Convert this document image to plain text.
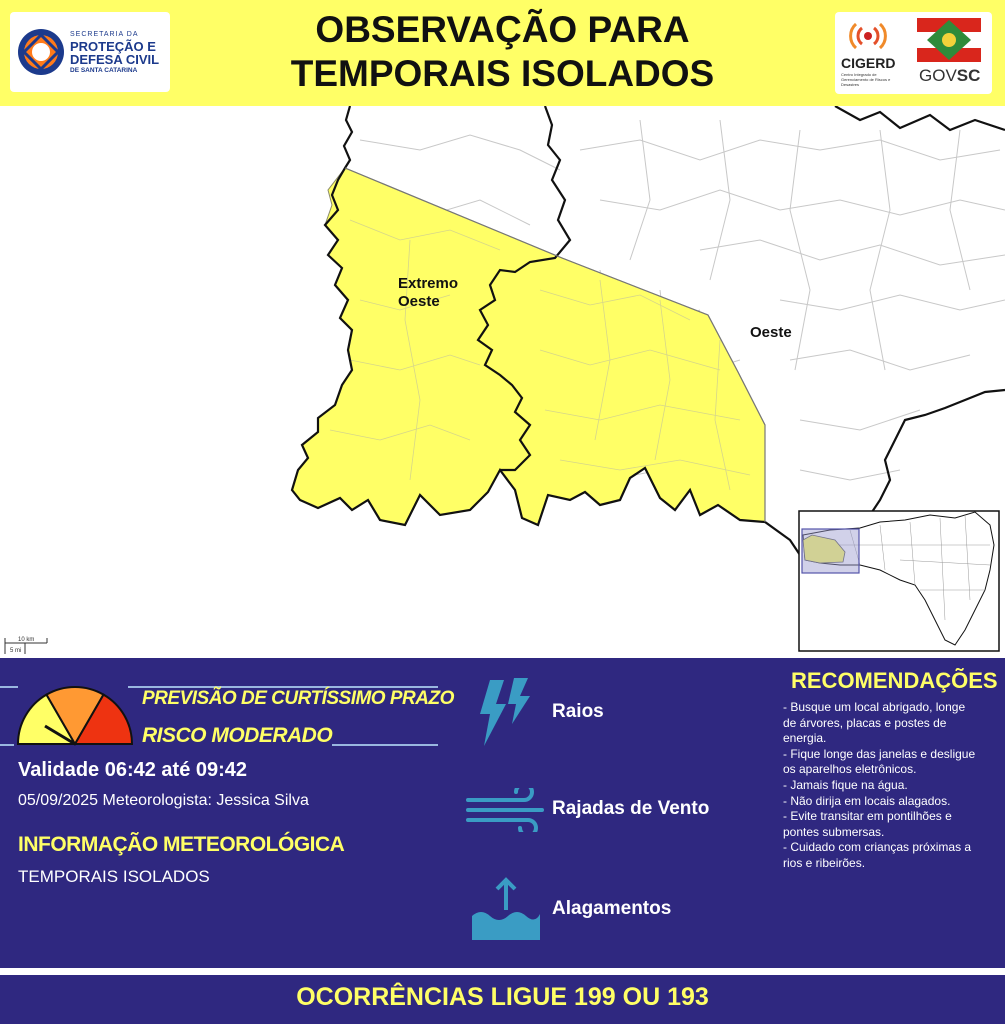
SECRETARIA DA
PROTEÇÃO E
DEFESA CIVIL
DE SANTA CATARINA
OBSERVAÇÃO PARA
TEMPORAIS ISOLADOS	CIGERD
Centro Integrado de Gerenciamento de Riscos e Desastres	GOVSC
Extremo
Oeste
Oeste
10 km
5 mi
PREVISÃO DE CURTÍSSIMO PRAZO
RISCO MODERADO
Validade 06:42 até 09:42
05/09/2025 Meteorologista: Jessica Silva
INFORMAÇÃO METEOROLÓGICA
TEMPORAIS ISOLADOS
Raios
Rajadas de Vento
Alagamentos
RECOMENDAÇÕES
- Busque um local abrigado, longe
de árvores, placas e postes de
energia.
- Fique longe das janelas e desligue
os aparelhos eletrônicos.
- Jamais fique na água.
- Não dirija em locais alagados.
- Evite transitar em pontilhões e
pontes submersas.
- Cuidado com crianças próximas a
rios e ribeirões.
OCORRÊNCIAS LIGUE 199 OU 193
